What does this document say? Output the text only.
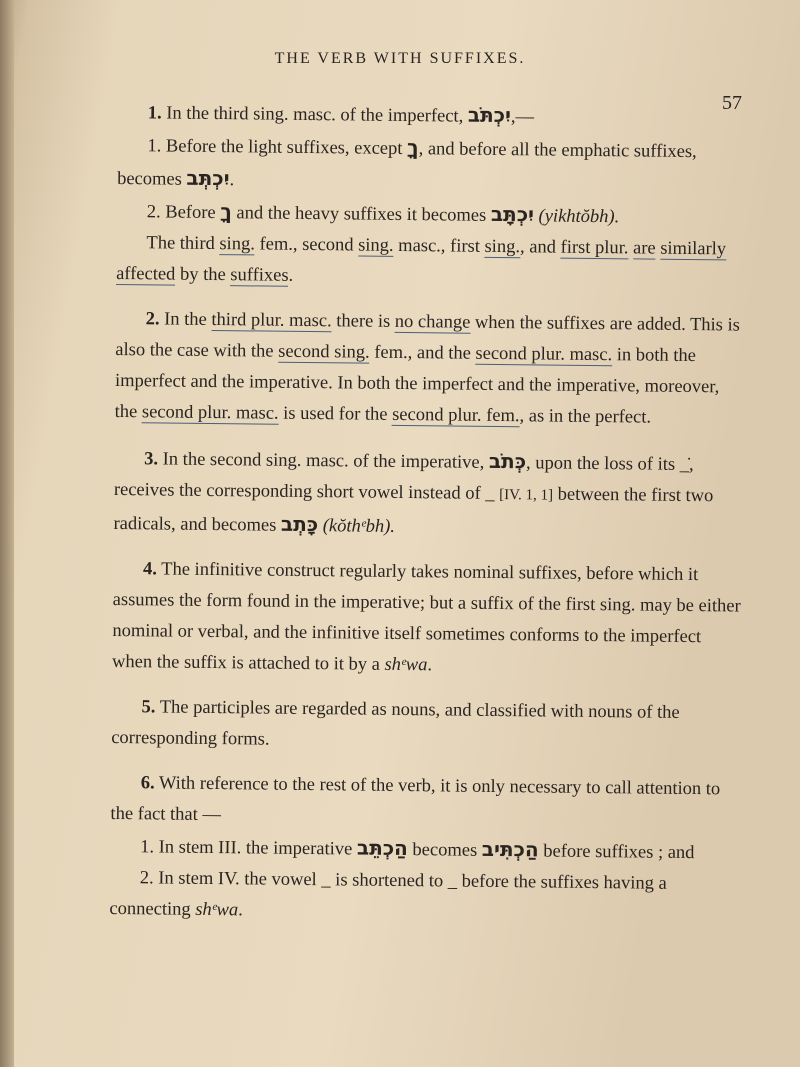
THE VERB WITH SUFFIXES.
57

1. In the third sing. masc. of the imperfect, יִכְתֹּב,—

1. Before the light suffixes, except ךָ, and before all the emphatic suffixes, becomes יִכְתְּב.

2. Before ךָ and the heavy suffixes it becomes יִכְתָּב (yikhtŏbh).

The third sing. fem., second sing. masc., first sing., and first plur. are similarly affected by the suffixes.

2. In the third plur. masc. there is no change when the suffixes are added. This is also the case with the second sing. fem., and the second plur. masc. in both the imperfect and the imperative. In both the imperfect and the imperative, moreover, the second plur. masc. is used for the second plur. fem., as in the perfect.

3. In the second sing. masc. of the imperative, כְּתֹב, upon the loss of its _̇, receives the corresponding short vowel instead of _ [IV. 1, 1] between the first two radicals, and becomes כָּתְב (kŏthᵉbh).

4. The infinitive construct regularly takes nominal suffixes, before which it assumes the form found in the imperative; but a suffix of the first sing. may be either nominal or verbal, and the infinitive itself sometimes conforms to the imperfect when the suffix is attached to it by a shᵉwa.

5. The participles are regarded as nouns, and classified with nouns of the corresponding forms.

6. With reference to the rest of the verb, it is only necessary to call attention to the fact that —

1. In stem III. the imperative הַכְתֵּב becomes הַכְתִּיב before suffixes ; and

2. In stem IV. the vowel _ is shortened to _ before the suffixes having a connecting shᵉwa.
